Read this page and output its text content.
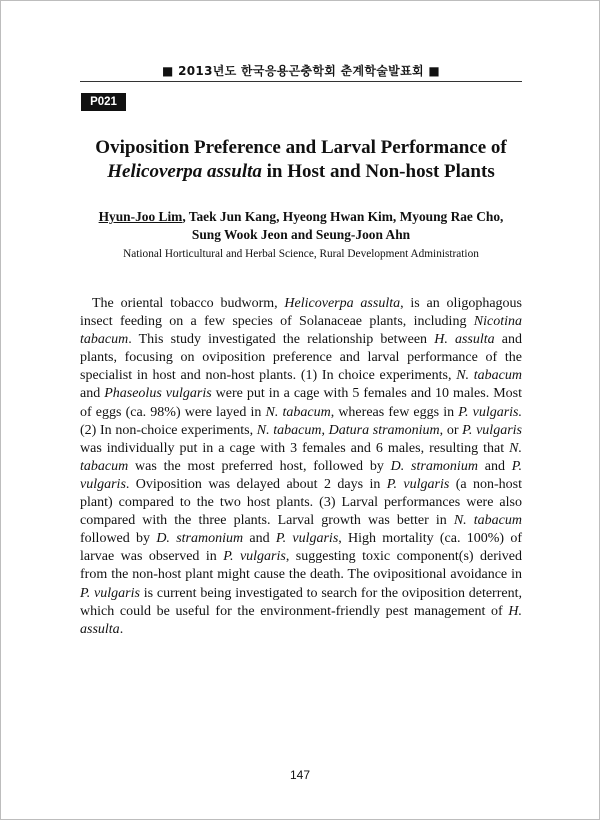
■ 2013년도 한국응용곤충학회 춘계학술발표회 ■
P021
Oviposition Preference and Larval Performance of Helicoverpa assulta in Host and Non-host Plants
Hyun-Joo Lim, Taek Jun Kang, Hyeong Hwan Kim, Myoung Rae Cho,
Sung Wook Jeon and Seung-Joon Ahn
National Horticultural and Herbal Science, Rural Development Administration

The oriental tobacco budworm, Helicoverpa assulta, is an oligophagous insect feeding on a few species of Solanaceae plants, including Nicotina tabacum. This study investigated the relationship between H. assulta and plants, focusing on oviposition preference and larval performance of the specialist in host and non-host plants. (1) In choice experiments, N. tabacum and Phaseolus vulgaris were put in a cage with 5 females and 10 males. Most of eggs (ca. 98%) were layed in N. tabacum, whereas few eggs in P. vulgaris. (2) In non-choice experiments, N. tabacum, Datura stramonium, or P. vulgaris was individually put in a cage with 3 females and 6 males, resulting that N. tabacum was the most preferred host, followed by D. stramonium and P. vulgaris. Oviposition was delayed about 2 days in P. vulgaris (a non-host plant) compared to the two host plants. (3) Larval performances were also compared with the three plants. Larval growth was better in N. tabacum followed by D. stramonium and P. vulgaris, High mortality (ca. 100%) of larvae was observed in P. vulgaris, suggesting toxic component(s) derived from the non-host plant might cause the death. The ovipositional avoidance in P. vulgaris is current being investigated to search for the oviposition deterrent, which could be useful for the environment-friendly pest management of H. assulta.

147
